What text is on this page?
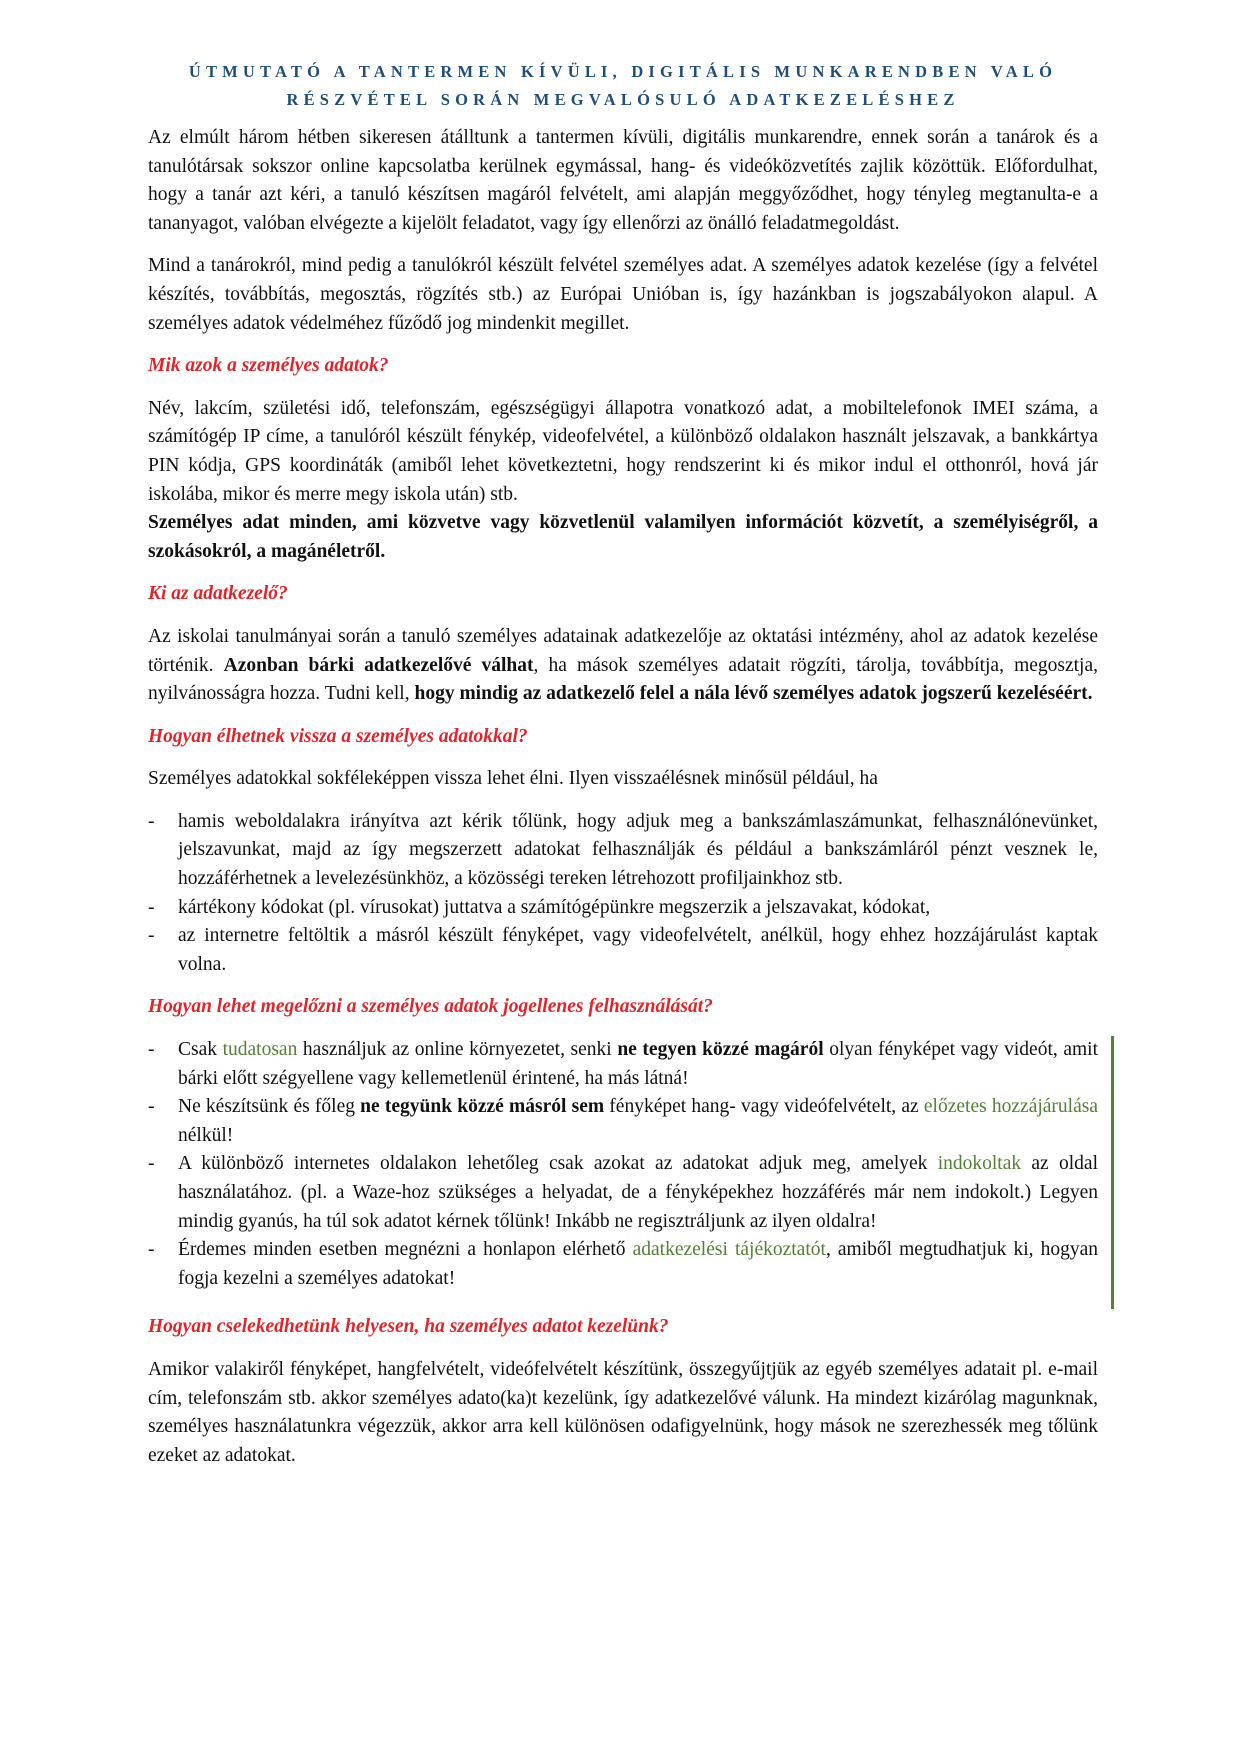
ÚTMUTATÓ A TANTERMEN KÍVÜLI, DIGITÁLIS MUNKARENDBEN VALÓ
RÉSZVÉTEL SORÁN MEGVALÓSULÓ ADATKEZELÉSHEZ

Az elmúlt három hétben sikeresen átálltunk a tantermen kívüli, digitális munkarendre, ennek során a tanárok és a tanulótársak sokszor online kapcsolatba kerülnek egymással, hang- és videóközvetítés zajlik közöttük. Előfordulhat, hogy a tanár azt kéri, a tanuló készítsen magáról felvételt, ami alapján meggyőződhet, hogy tényleg megtanulta-e a tananyagot, valóban elvégezte a kijelölt feladatot, vagy így ellenőrzi az önálló feladatmegoldást.

Mind a tanárokról, mind pedig a tanulókról készült felvétel személyes adat. A személyes adatok kezelése (így a felvétel készítés, továbbítás, megosztás, rögzítés stb.) az Európai Unióban is, így hazánkban is jogszabályokon alapul. A személyes adatok védelméhez fűződő jog mindenkit megillet.

Mik azok a személyes adatok?

Név, lakcím, születési idő, telefonszám, egészségügyi állapotra vonatkozó adat, a mobiltelefonok IMEI száma, a számítógép IP címe, a tanulóról készült fénykép, videofelvétel, a különböző oldalakon használt jelszavak, a bankkártya PIN kódja, GPS koordináták (amiből lehet következtetni, hogy rendszerint ki és mikor indul el otthonról, hová jár iskolába, mikor és merre megy iskola után) stb.

Személyes adat minden, ami közvetve vagy közvetlenül valamilyen információt közvetít, a személyiségről, a szokásokról, a magánéletről.

Ki az adatkezelő?

Az iskolai tanulmányai során a tanuló személyes adatainak adatkezelője az oktatási intézmény, ahol az adatok kezelése történik. Azonban bárki adatkezelővé válhat, ha mások személyes adatait rögzíti, tárolja, továbbítja, megosztja, nyilvánosságra hozza. Tudni kell, hogy mindig az adatkezelő felel a nála lévő személyes adatok jogszerű kezeléséért.

Hogyan élhetnek vissza a személyes adatokkal?

Személyes adatokkal sokféleképpen vissza lehet élni. Ilyen visszaélésnek minősül például, ha

- hamis weboldalakra irányítva azt kérik tőlünk, hogy adjuk meg a bankszámlaszámunkat, felhasználónevünket, jelszavunkat, majd az így megszerzett adatokat felhasználják és például a bankszámláról pénzt vesznek le, hozzáférhetnek a levelezésünkhöz, a közösségi tereken létrehozott profiljainkhoz stb.
- kártékony kódokat (pl. vírusokat) juttatva a számítógépünkre megszerzik a jelszavakat, kódokat,
- az internetre feltöltik a másról készült fényképet, vagy videofelvételt, anélkül, hogy ehhez hozzájárulást kaptak volna.
Hogyan lehet megelőzni a személyes adatok jogellenes felhasználását?
- Csak tudatosan használjuk az online környezetet, senki ne tegyen közzé magáról olyan fényképet vagy videót, amit bárki előtt szégyellene vagy kellemetlenül érintené, ha más látná!
- Ne készítsünk és főleg ne tegyünk közzé másról sem fényképet hang- vagy videófelvételt, az előzetes hozzájárulása nélkül!
- A különböző internetes oldalakon lehetőleg csak azokat az adatokat adjuk meg, amelyek indokoltak az oldal használatához. (pl. a Waze-hoz szükséges a helyadat, de a fényképekhez hozzáférés már nem indokolt.) Legyen mindig gyanús, ha túl sok adatot kérnek tőlünk! Inkább ne regisztráljunk az ilyen oldalra!
- Érdemes minden esetben megnézni a honlapon elérhető adatkezelési tájékoztatót, amiből megtudhatjuk ki, hogyan fogja kezelni a személyes adatokat!
Hogyan cselekedhetünk helyesen, ha személyes adatot kezelünk?

Amikor valakiről fényképet, hangfelvételt, videófelvételt készítünk, összegyűjtjük az egyéb személyes adatait pl. e-mail cím, telefonszám stb. akkor személyes adato(ka)t kezelünk, így adatkezelővé válunk. Ha mindezt kizárólag magunknak, személyes használatunkra végezzük, akkor arra kell különösen odafigyelnünk, hogy mások ne szerezhessék meg tőlünk ezeket az adatokat.
